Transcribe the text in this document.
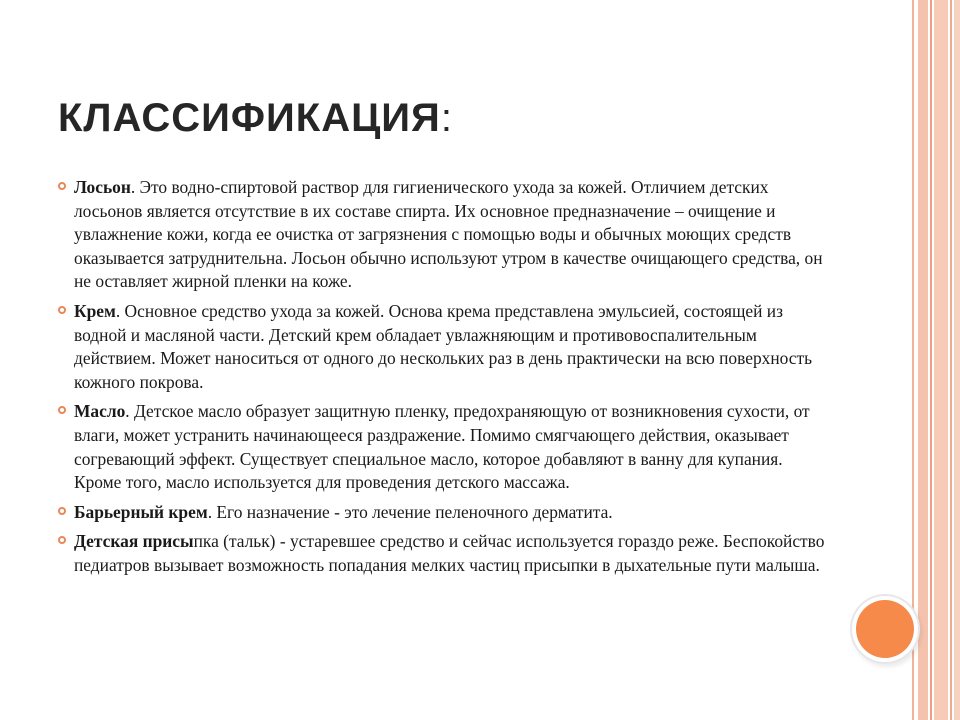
КЛАССИФИКАЦИЯ:
Лосьон. Это водно-спиртовой раствор для гигиенического ухода за кожей. Отличием детских лосьонов является отсутствие в их составе спирта. Их основное предназначение – очищение и увлажнение кожи, когда ее очистка от загрязнения с помощью воды и обычных моющих средств оказывается затруднительна. Лосьон обычно используют утром в качестве очищающего средства, он не оставляет жирной пленки на коже.
Крем. Основное средство ухода за кожей. Основа крема представлена эмульсией, состоящей из водной и масляной части. Детский крем обладает увлажняющим и противовоспалительным действием. Может наноситься от одного до нескольких раз в день практически на всю поверхность кожного покрова.
Масло. Детское масло образует защитную пленку, предохраняющую от возникновения сухости, от влаги, может устранить начинающееся раздражение. Помимо смягчающего действия, оказывает согревающий эффект. Существует специальное масло, которое добавляют в ванну для купания. Кроме того, масло используется для проведения детского массажа.
Барьерный крем. Его назначение - это лечение пеленочного дерматита.
Детская присыпка (тальк) - устаревшее средство и сейчас используется гораздо реже. Беспокойство педиатров вызывает возможность попадания мелких частиц присыпки в дыхательные пути малыша.
